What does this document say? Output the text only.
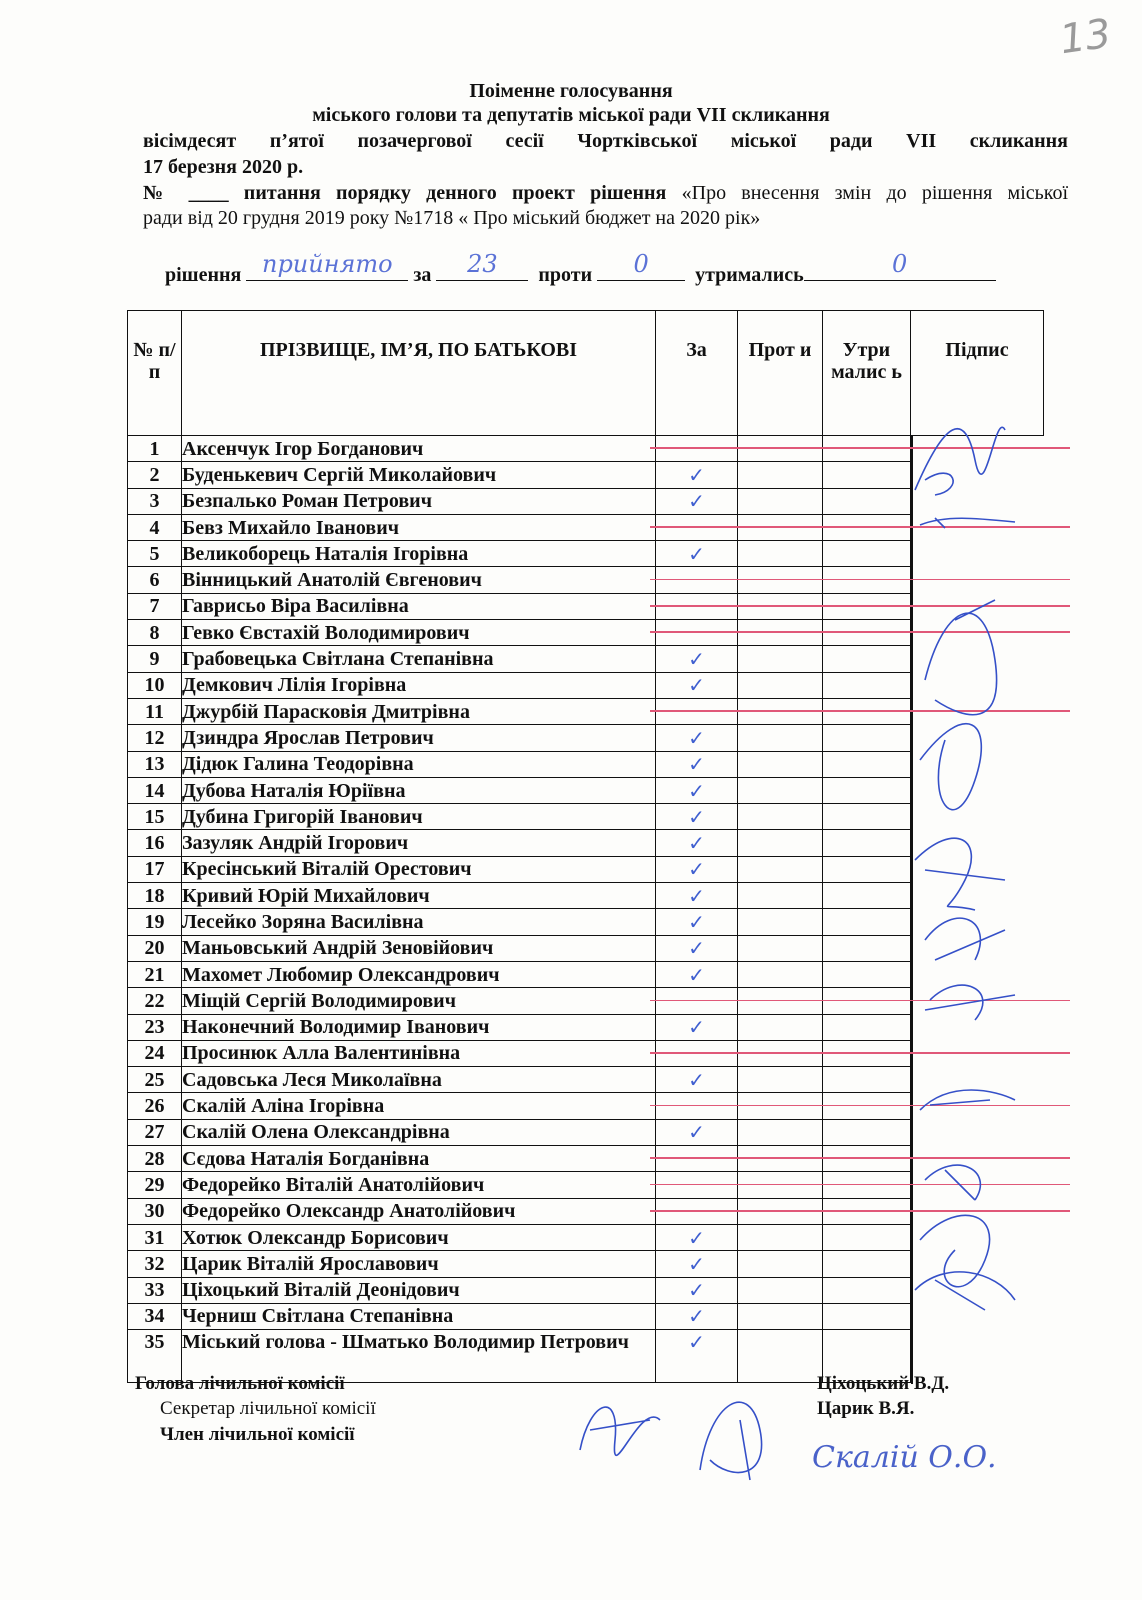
13
Поіменне голосування
міського голови та депутатів міської ради VII скликання
вісімдесят п’ятої позачергової сесії Чортківської міської ради VII скликання
17 березня 2020 р.
№ ____ питання порядку денного проект рішення «Про внесення змін до рішення міської
ради від 20 грудня 2019 року №1718 « Про міський бюджет на 2020 рік»
рішення прийнято	за	23	проти	0	утримались	0
№ п/п	ПРІЗВИЩЕ, ІМ’Я, ПО БАТЬКОВІ	За	Прот и	Утри малис ь	Підпис
1	Аксенчук Ігор Богданович				

2	Буденькевич Сергій Миколайович	✓			

3	Безпалько Роман Петрович	✓			

4	Бевз Михайло Іванович				

5	Великоборець Наталія Ігорівна	✓			

6	Вінницький Анатолій Євгенович				

7	Гаврисьо Віра Василівна				

8	Гевко Євстахій Володимирович				

9	Грабовецька Світлана Степанівна	✓			

10	Демкович Лілія Ігорівна	✓			

11	Джурбій Парасковія Дмитрівна				

12	Дзиндра Ярослав Петрович	✓			

13	Дідюк Галина Теодорівна	✓			

14	Дубова Наталія Юріївна	✓			

15	Дубина Григорій Іванович	✓			

16	Зазуляк Андрій Ігорович	✓			

17	Кресінський Віталій Орестович	✓			

18	Кривий Юрій Михайлович	✓			

19	Лесейко Зоряна Василівна	✓			

20	Маньовський Андрій Зеновійович	✓			

21	Махомет Любомир Олександрович	✓			

22	Міщій Сергій Володимирович				

23	Наконечний Володимир Іванович	✓			

24	Просинюк Алла Валентинівна				

25	Садовська Леся Миколаївна	✓			

26	Скалій Аліна Ігорівна				

27	Скалій Олена Олександрівна	✓			

28	Сєдова Наталія Богданівна				

29	Федорейко Віталій Анатолійович				

30	Федорейко Олександр Анатолійович				

31	Хотюк Олександр Борисович	✓			

32	Царик Віталій Ярославович	✓			

33	Ціхоцький Віталій Деонідович	✓			

34	Черниш Світлана Степанівна	✓			

35	Міський голова - Шматько Володимир Петрович	✓			
Голова лічильної комісії	Ціхоцький В.Д.
Секретар лічильної комісії	Царик В.Я.
Член лічильної комісії
Скалій О.О.
